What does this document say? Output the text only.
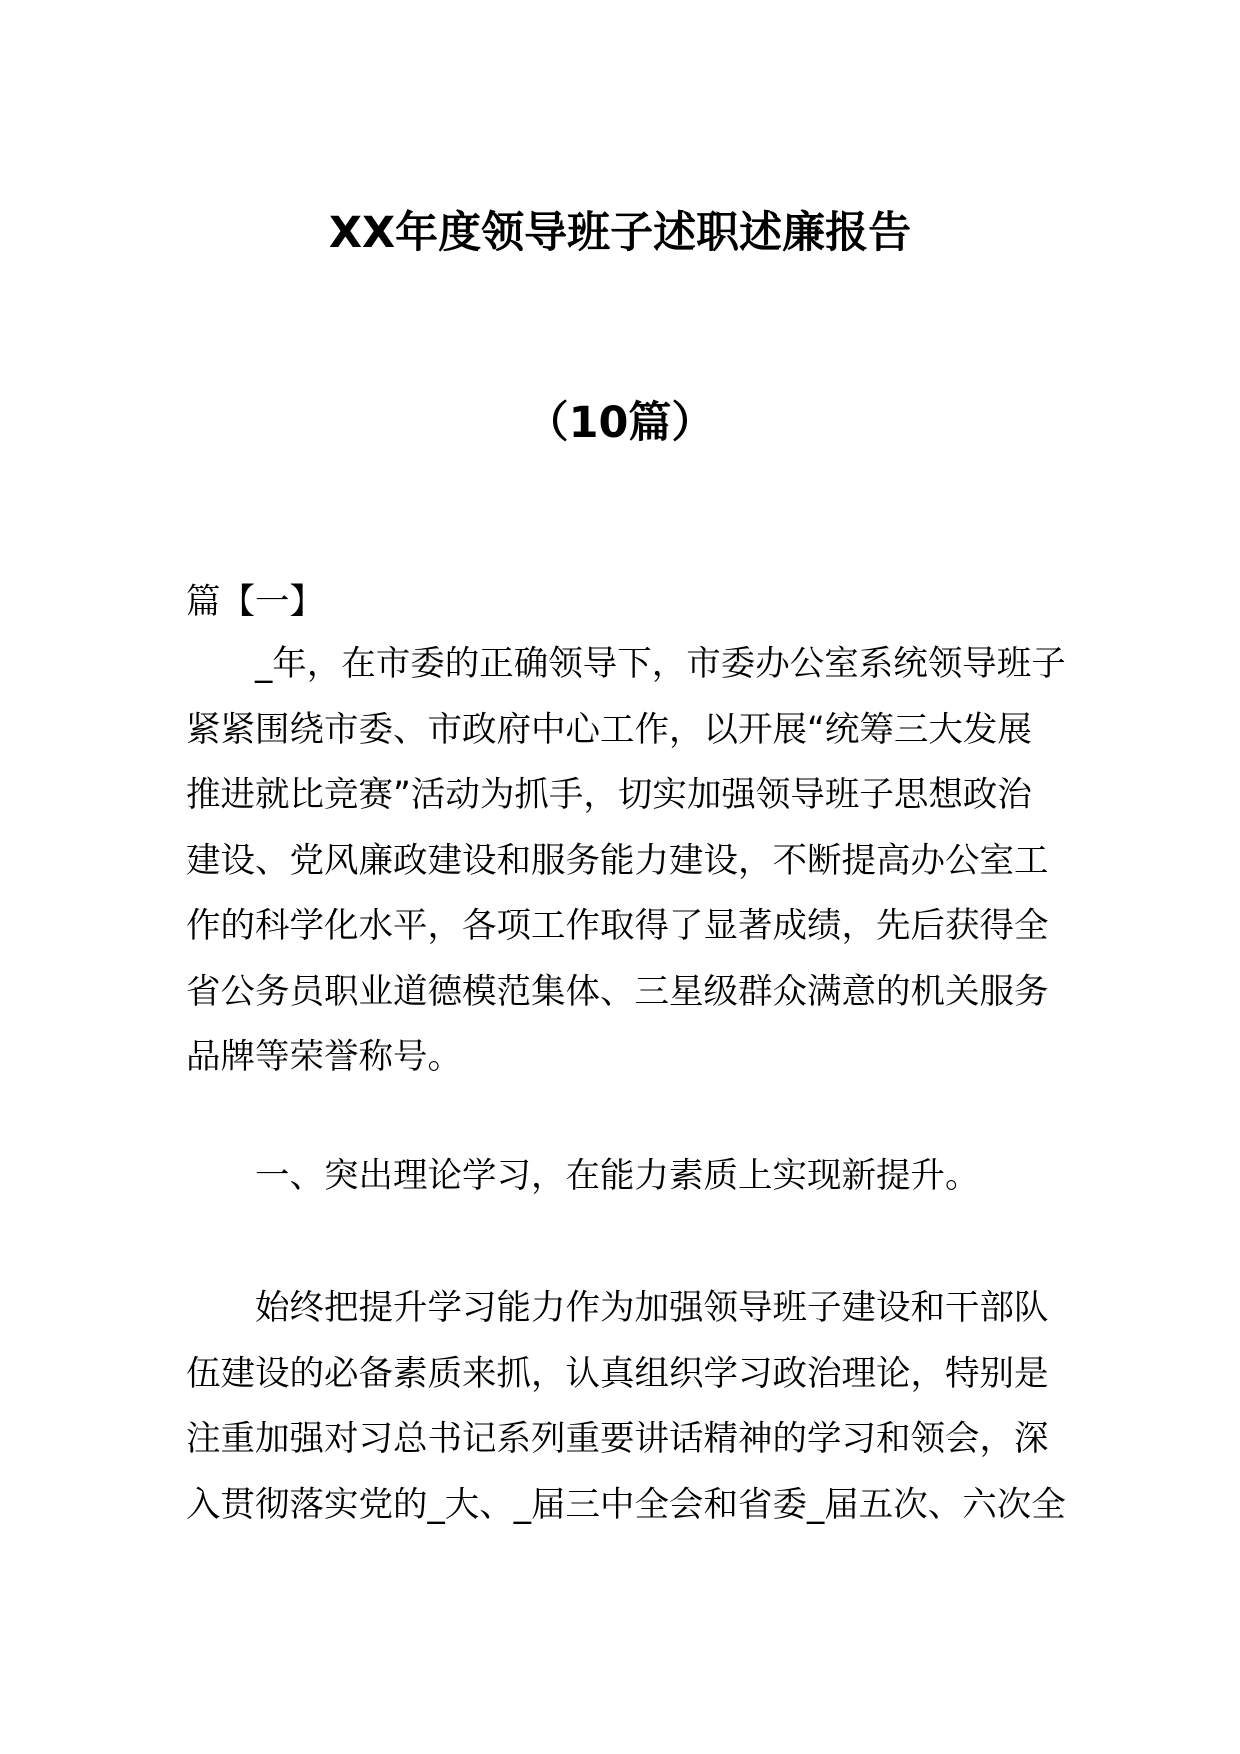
XX年度领导班子述职述廉报告
（10篇）
篇【一】
_年，在市委的正确领导下，市委办公室系统领导班子
紧紧围绕市委、市政府中心工作，以开展“统筹三大发展
推进就比竞赛”活动为抓手，切实加强领导班子思想政治
建设、党风廉政建设和服务能力建设，不断提高办公室工
作的科学化水平，各项工作取得了显著成绩，先后获得全
省公务员职业道德模范集体、三星级群众满意的机关服务
品牌等荣誉称号。
一、突出理论学习，在能力素质上实现新提升。
始终把提升学习能力作为加强领导班子建设和干部队
伍建设的必备素质来抓，认真组织学习政治理论，特别是
注重加强对习总书记系列重要讲话精神的学习和领会，深
入贯彻落实党的_大、_届三中全会和省委_届五次、六次全
